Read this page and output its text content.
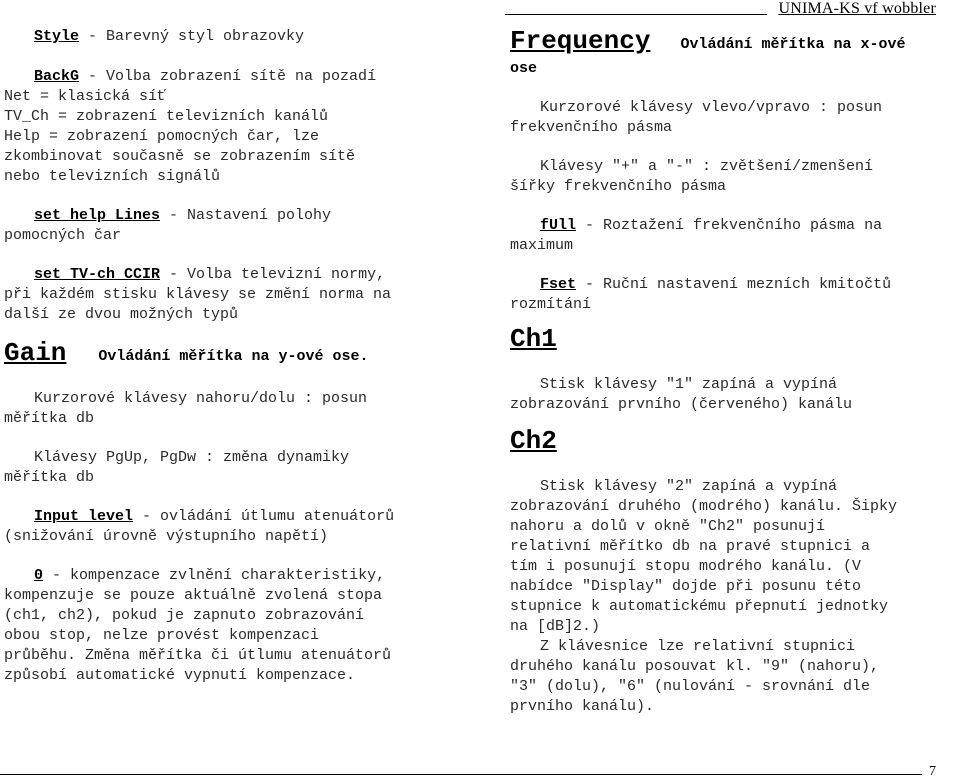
UNIMA-KS vf wobbler

Style - Barevný styl obrazovky

BackG - Volba zobrazení sítě na pozadí

Net = klasická síť

TV_Ch = zobrazení televizních kanálů

Help = zobrazení pomocných čar, lze

zkombinovat současně se zobrazením sítě

nebo televizních signálů

set help Lines - Nastavení polohy

pomocných čar

set TV-ch CCIR - Volba televizní normy,

při každém stisku klávesy se změní norma na

další ze dvou možných typů

Gain Ovládání měřítka na y-ové ose.

Kurzorové klávesy nahoru/dolu : posun

měřítka db

Klávesy PgUp, PgDw : změna dynamiky

měřítka db

Input level - ovládání útlumu atenuátorů

(snižování úrovně výstupního napětí)

0 - kompenzace zvlnění charakteristiky,

kompenzuje se pouze aktuálně zvolená stopa

(ch1, ch2), pokud je zapnuto zobrazování

obou stop, nelze provést kompenzaci

průběhu. Změna měřítka či útlumu atenuátorů

způsobí automatické vypnutí kompenzace.

Frequency Ovládání měřítka na x-ové

ose

Kurzorové klávesy vlevo/vpravo : posun

frekvenčního pásma

Klávesy "+" a "-" : zvětšení/zmenšení

šířky frekvenčního pásma

fUll - Roztažení frekvenčního pásma na

maximum

Fset - Ruční nastavení mezních kmitočtů

rozmítání

Ch1

Stisk klávesy "1" zapíná a vypíná

zobrazování prvního (červeného) kanálu

Ch2

Stisk klávesy "2" zapíná a vypíná

zobrazování druhého (modrého) kanálu. Šipky

nahoru a dolů v okně "Ch2" posunují

relativní měřítko db na pravé stupnici a

tím i posunují stopu modrého kanálu. (V

nabídce "Display" dojde při posunu této

stupnice k automatickému přepnutí jednotky

na [dB]2.)

Z klávesnice lze relativní stupnici

druhého kanálu posouvat kl. "9" (nahoru),

"3" (dolu), "6" (nulování - srovnání dle

prvního kanálu).

7
